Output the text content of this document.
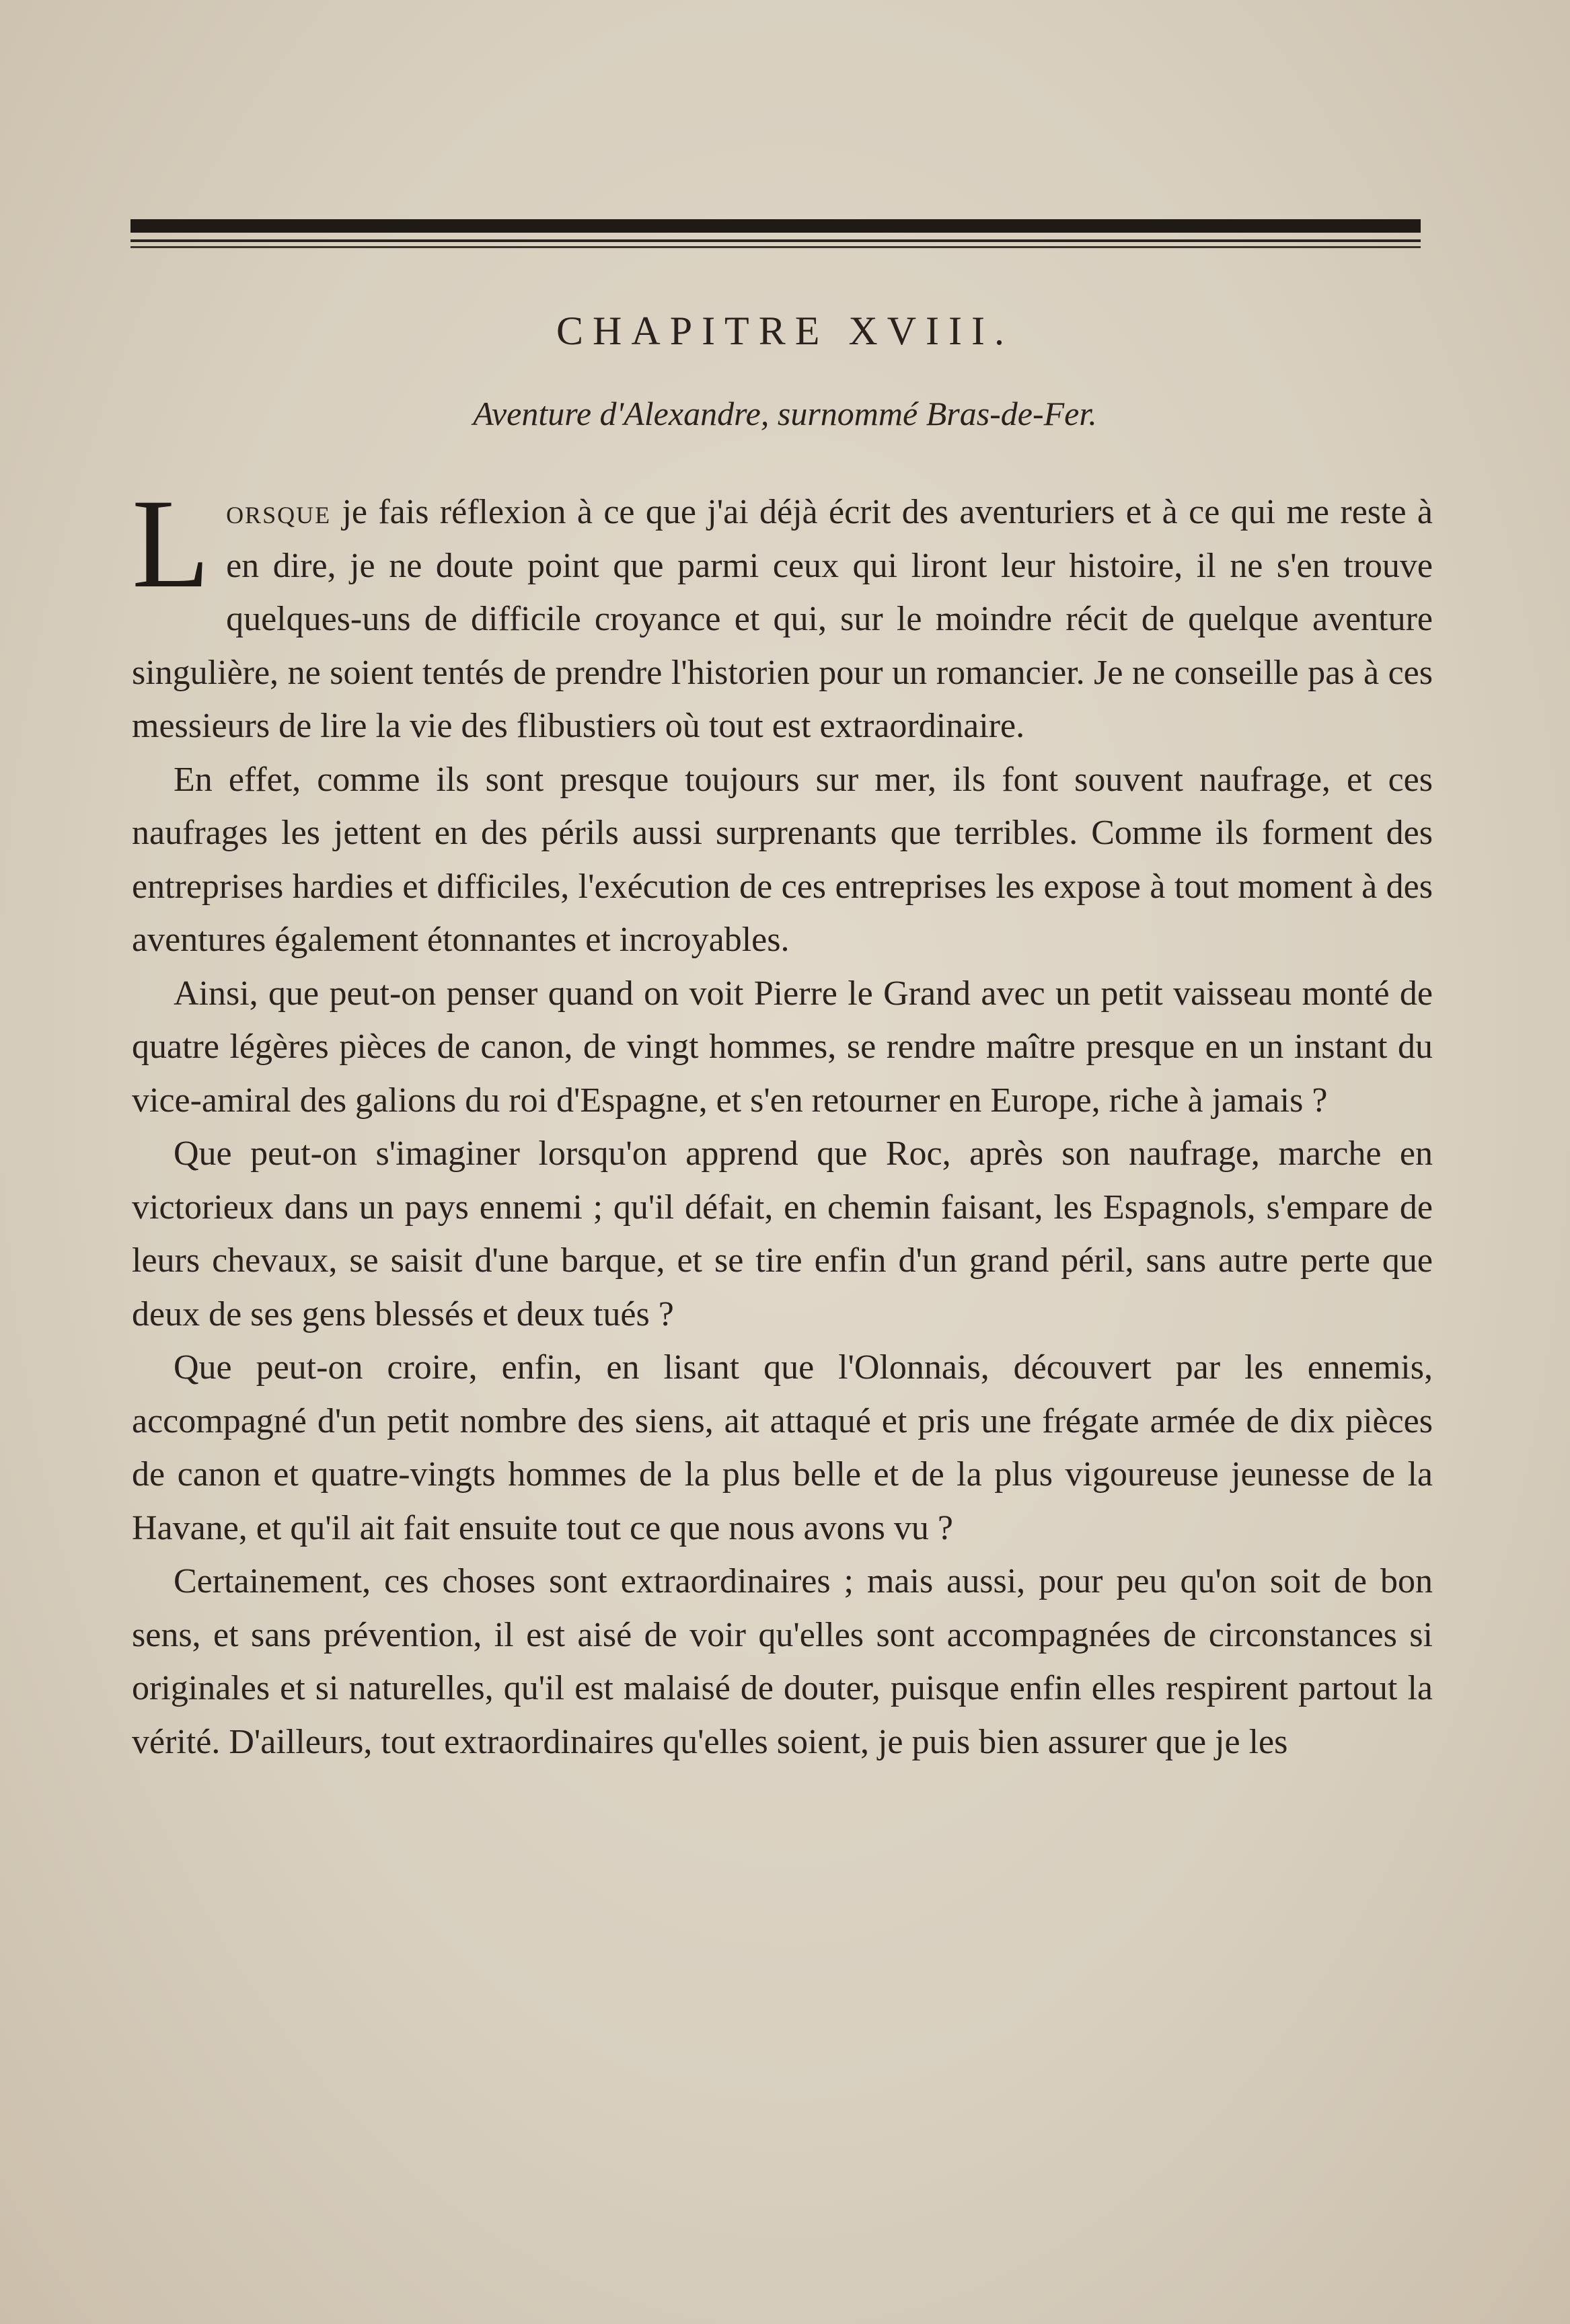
CHAPITRE XVIII.
Aventure d'Alexandre, surnommé Bras-de-Fer.

Lorsque je fais réflexion à ce que j'ai déjà écrit des aventuriers et à ce qui me reste à en dire, je ne doute point que parmi ceux qui liront leur histoire, il ne s'en trouve quelques-uns de difficile croyance et qui, sur le moindre récit de quelque aventure singulière, ne soient tentés de prendre l'historien pour un romancier. Je ne conseille pas à ces messieurs de lire la vie des flibustiers où tout est extraordinaire.

En effet, comme ils sont presque toujours sur mer, ils font souvent naufrage, et ces naufrages les jettent en des périls aussi surprenants que terribles. Comme ils forment des entreprises hardies et difficiles, l'exécution de ces entreprises les expose à tout moment à des aventures également étonnantes et incroyables.

Ainsi, que peut-on penser quand on voit Pierre le Grand avec un petit vaisseau monté de quatre légères pièces de canon, de vingt hommes, se rendre maître presque en un instant du vice-amiral des galions du roi d'Espagne, et s'en retourner en Europe, riche à jamais ?

Que peut-on s'imaginer lorsqu'on apprend que Roc, après son naufrage, marche en victorieux dans un pays ennemi ; qu'il défait, en chemin faisant, les Espagnols, s'empare de leurs chevaux, se saisit d'une barque, et se tire enfin d'un grand péril, sans autre perte que deux de ses gens blessés et deux tués ?

Que peut-on croire, enfin, en lisant que l'Olonnais, découvert par les ennemis, accompagné d'un petit nombre des siens, ait attaqué et pris une frégate armée de dix pièces de canon et quatre-vingts hommes de la plus belle et de la plus vigoureuse jeunesse de la Havane, et qu'il ait fait ensuite tout ce que nous avons vu ?

Certainement, ces choses sont extraordinaires ; mais aussi, pour peu qu'on soit de bon sens, et sans prévention, il est aisé de voir qu'elles sont accompagnées de circonstances si originales et si naturelles, qu'il est malaisé de douter, puisque enfin elles respirent partout la vérité. D'ailleurs, tout extraordinaires qu'elles soient, je puis bien assurer que je les
